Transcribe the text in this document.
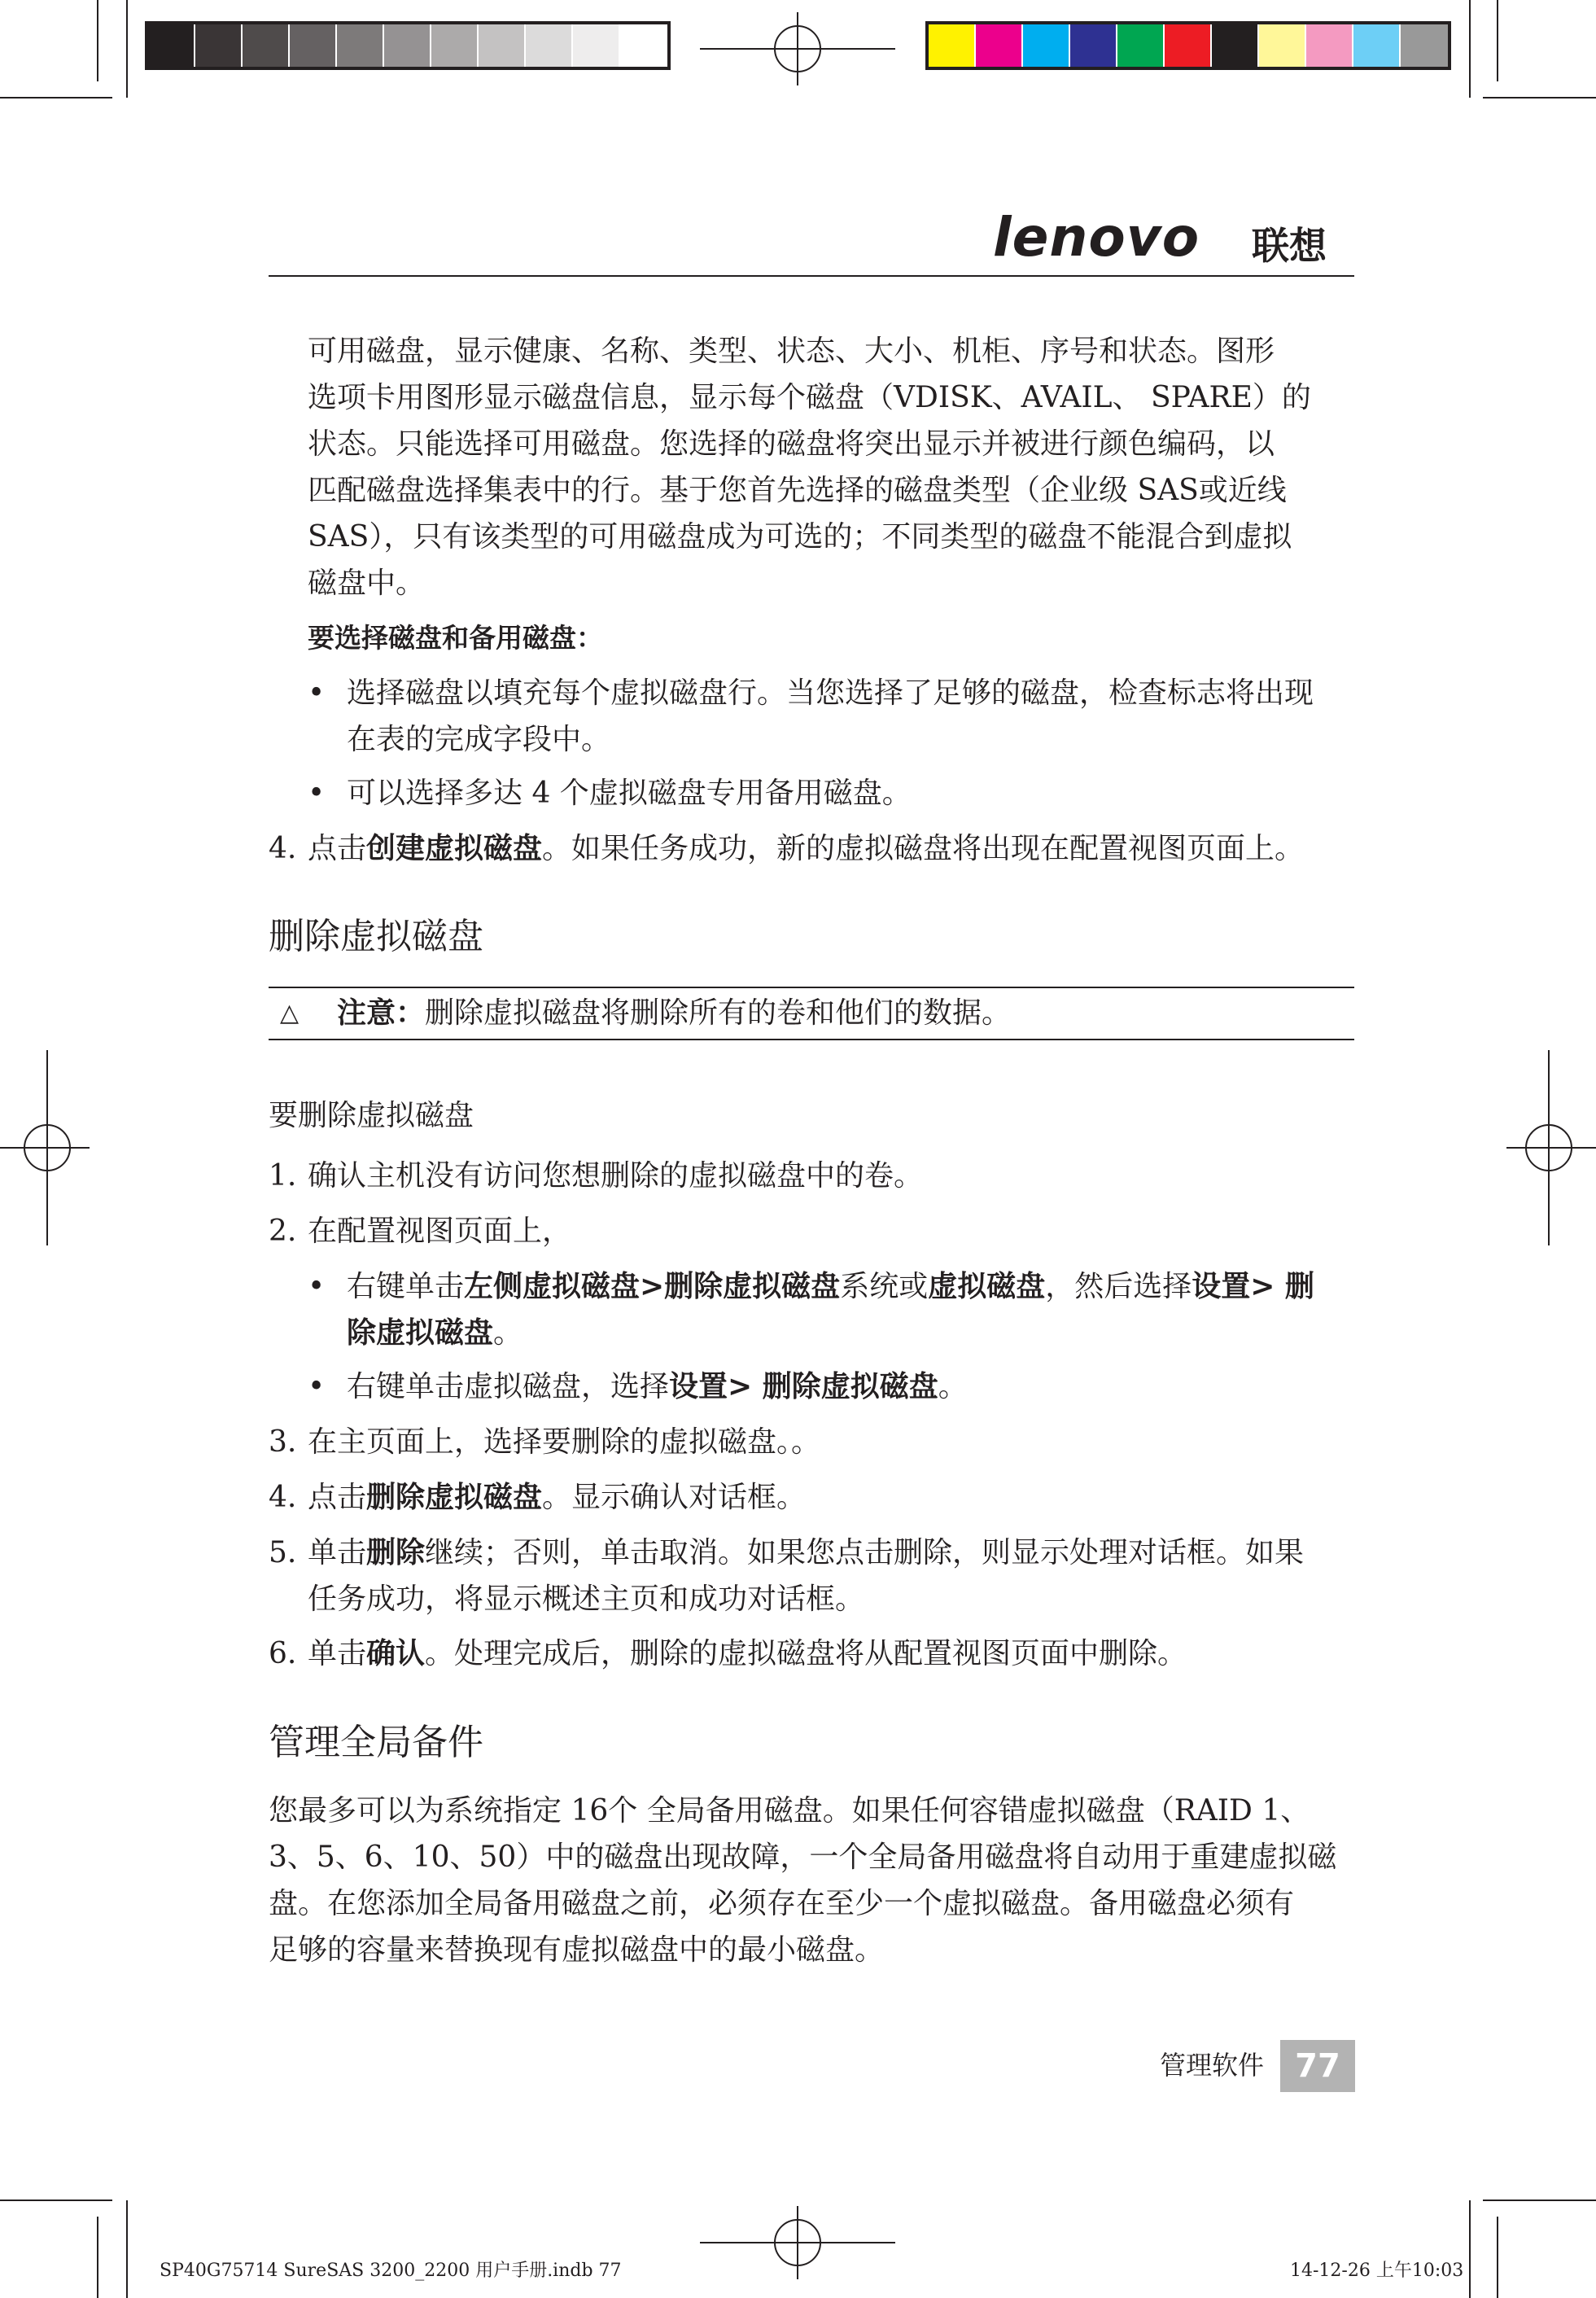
lenovo 联想
可用磁盘，显示健康、名称、类型、状态、大小、机柜、序号和状态。图形
选项卡用图形显示磁盘信息，显示每个磁盘（VDISK、AVAIL、 SPARE）的
状态。只能选择可用磁盘。您选择的磁盘将突出显示并被进行颜色编码，以
匹配磁盘选择集表中的行。基于您首先选择的磁盘类型（企业级 SAS或近线
SAS），只有该类型的可用磁盘成为可选的；不同类型的磁盘不能混合到虚拟
磁盘中。
要选择磁盘和备用磁盘：
• 选择磁盘以填充每个虚拟磁盘行。当您选择了足够的磁盘，检查标志将出现
在表的完成字段中。
• 可以选择多达 4 个虚拟磁盘专用备用磁盘。
4. 点击创建虚拟磁盘。如果任务成功，新的虚拟磁盘将出现在配置视图页面上。
删除虚拟磁盘
△ 注意：删除虚拟磁盘将删除所有的卷和他们的数据。
要删除虚拟磁盘
1. 确认主机没有访问您想删除的虚拟磁盘中的卷。
2. 在配置视图页面上，
• 右键单击左侧虚拟磁盘>删除虚拟磁盘系统或虚拟磁盘，然后选择设置> 删
除虚拟磁盘。
• 右键单击虚拟磁盘，选择设置> 删除虚拟磁盘。
3. 在主页面上，选择要删除的虚拟磁盘。。
4. 点击删除虚拟磁盘。显示确认对话框。
5. 单击删除继续；否则，单击取消。如果您点击删除，则显示处理对话框。如果
任务成功，将显示概述主页和成功对话框。
6. 单击确认。处理完成后，删除的虚拟磁盘将从配置视图页面中删除。
管理全局备件
您最多可以为系统指定 16个 全局备用磁盘。如果任何容错虚拟磁盘（RAID 1、
3、5、6、10、50）中的磁盘出现故障，一个全局备用磁盘将自动用于重建虚拟磁
盘。在您添加全局备用磁盘之前，必须存在至少一个虚拟磁盘。备用磁盘必须有
足够的容量来替换现有虚拟磁盘中的最小磁盘。
管理软件 77
SP40G75714 SureSAS 3200_2200 用户手册.indb 77	14-12-26 上午10:03
